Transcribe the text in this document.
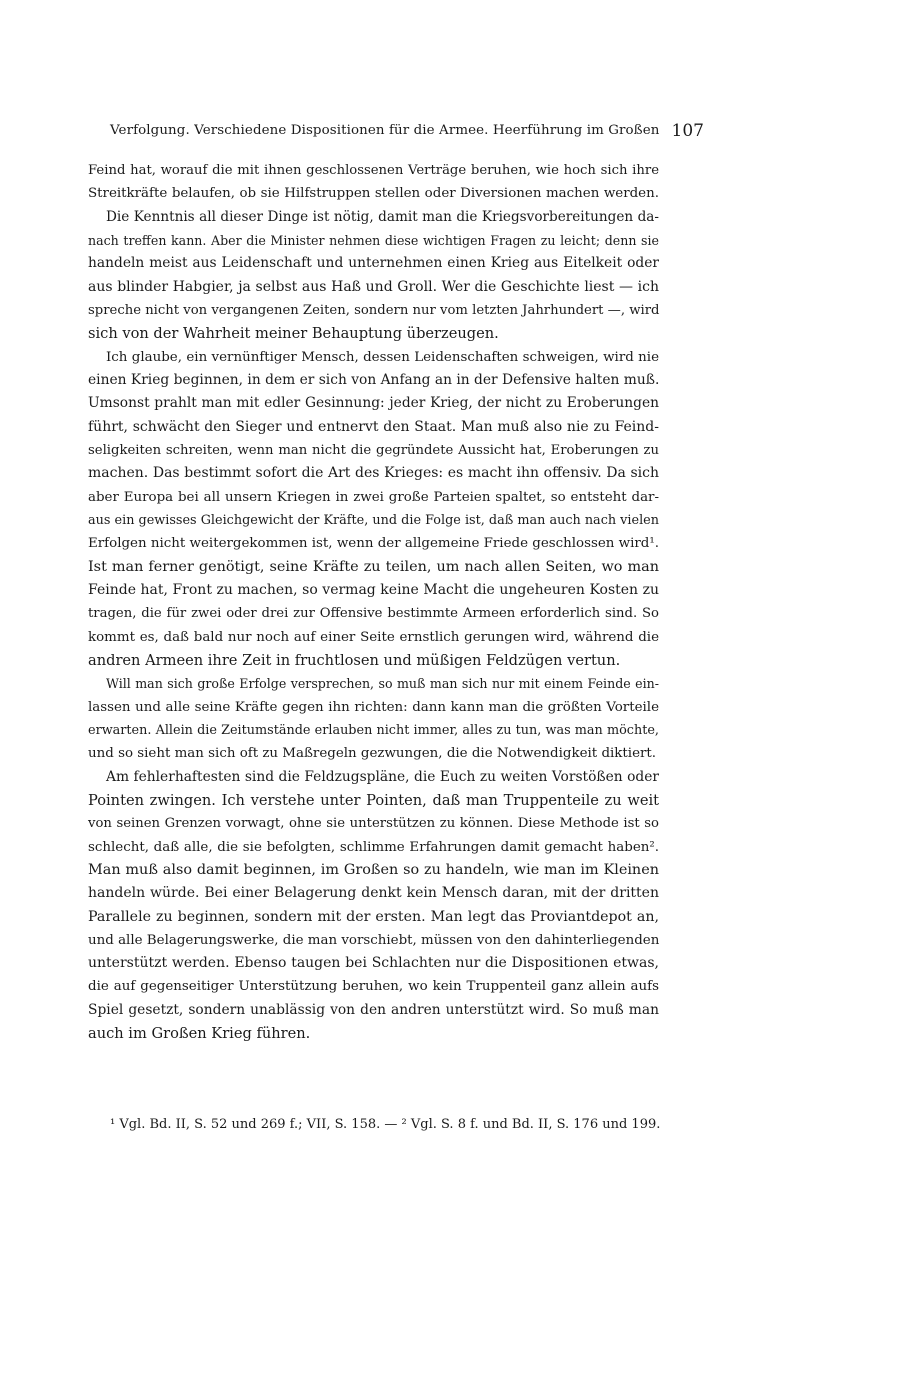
Verfolgung. Verschiedene Dispositionen für die Armee. Heerführung im Großen 107
Feind hat, worauf die mit ihnen geschlossenen Verträge beruhen, wie hoch sich ihre
Streitkräfte belaufen, ob sie Hilfstruppen stellen oder Diversionen machen werden.
Die Kenntnis all dieser Dinge ist nötig, damit man die Kriegsvorbereitungen da-
nach treffen kann. Aber die Minister nehmen diese wichtigen Fragen zu leicht; denn sie
handeln meist aus Leidenschaft und unternehmen einen Krieg aus Eitelkeit oder
aus blinder Habgier, ja selbst aus Haß und Groll. Wer die Geschichte liest — ich
spreche nicht von vergangenen Zeiten, sondern nur vom letzten Jahrhundert —, wird
sich von der Wahrheit meiner Behauptung überzeugen.
Ich glaube, ein vernünftiger Mensch, dessen Leidenschaften schweigen, wird nie
einen Krieg beginnen, in dem er sich von Anfang an in der Defensive halten muß.
Umsonst prahlt man mit edler Gesinnung: jeder Krieg, der nicht zu Eroberungen
führt, schwächt den Sieger und entnervt den Staat. Man muß also nie zu Feind-
seligkeiten schreiten, wenn man nicht die gegründete Aussicht hat, Eroberungen zu
machen. Das bestimmt sofort die Art des Krieges: es macht ihn offensiv. Da sich
aber Europa bei all unsern Kriegen in zwei große Parteien spaltet, so entsteht dar-
aus ein gewisses Gleichgewicht der Kräfte, und die Folge ist, daß man auch nach vielen
Erfolgen nicht weitergekommen ist, wenn der allgemeine Friede geschlossen wird¹.
Ist man ferner genötigt, seine Kräfte zu teilen, um nach allen Seiten, wo man
Feinde hat, Front zu machen, so vermag keine Macht die ungeheuren Kosten zu
tragen, die für zwei oder drei zur Offensive bestimmte Armeen erforderlich sind. So
kommt es, daß bald nur noch auf einer Seite ernstlich gerungen wird, während die
andren Armeen ihre Zeit in fruchtlosen und müßigen Feldzügen vertun.
Will man sich große Erfolge versprechen, so muß man sich nur mit einem Feinde ein-
lassen und alle seine Kräfte gegen ihn richten: dann kann man die größten Vorteile
erwarten. Allein die Zeitumstände erlauben nicht immer, alles zu tun, was man möchte,
und so sieht man sich oft zu Maßregeln gezwungen, die die Notwendigkeit diktiert.
Am fehlerhaftesten sind die Feldzugspläne, die Euch zu weiten Vorstößen oder
Pointen zwingen. Ich verstehe unter Pointen, daß man Truppenteile zu weit
von seinen Grenzen vorwagt, ohne sie unterstützen zu können. Diese Methode ist so
schlecht, daß alle, die sie befolgten, schlimme Erfahrungen damit gemacht haben².
Man muß also damit beginnen, im Großen so zu handeln, wie man im Kleinen
handeln würde. Bei einer Belagerung denkt kein Mensch daran, mit der dritten
Parallele zu beginnen, sondern mit der ersten. Man legt das Proviantdepot an,
und alle Belagerungswerke, die man vorschiebt, müssen von den dahinterliegenden
unterstützt werden. Ebenso taugen bei Schlachten nur die Dispositionen etwas,
die auf gegenseitiger Unterstützung beruhen, wo kein Truppenteil ganz allein aufs
Spiel gesetzt, sondern unablässig von den andren unterstützt wird. So muß man
auch im Großen Krieg führen.
¹ Vgl. Bd. II, S. 52 und 269 f.; VII, S. 158. — ² Vgl. S. 8 f. und Bd. II, S. 176 und 199.
